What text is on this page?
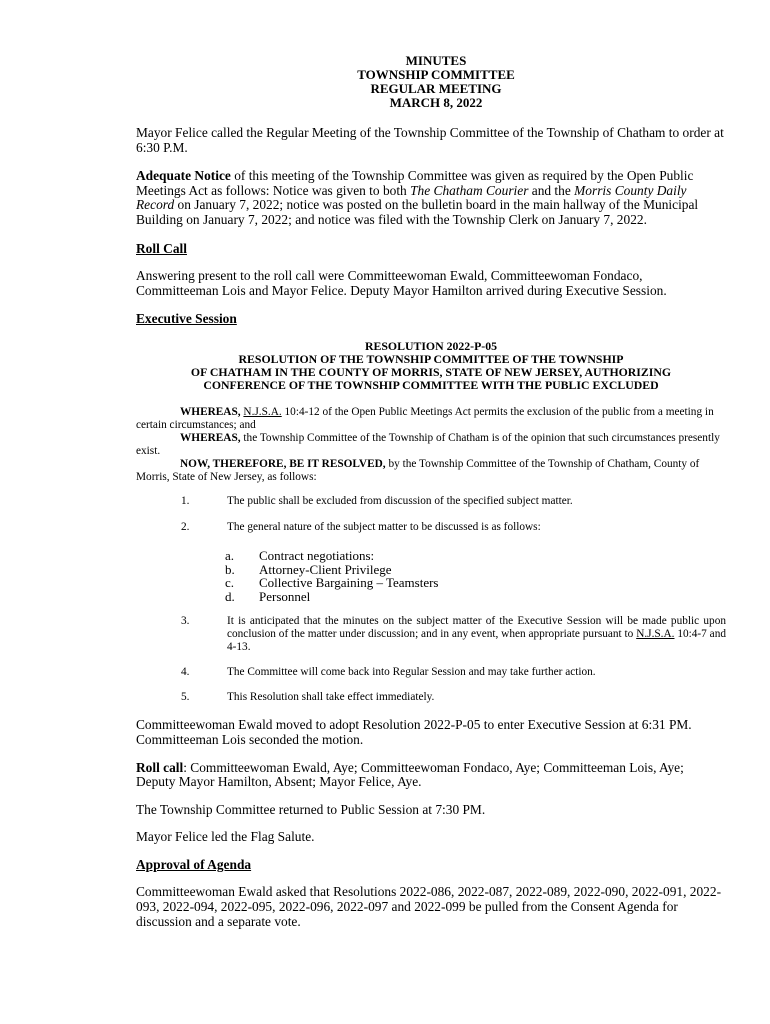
MINUTES
TOWNSHIP COMMITTEE
REGULAR MEETING
MARCH 8, 2022

Mayor Felice called the Regular Meeting of the Township Committee of the Township of Chatham to order at 6:30 P.M.

Adequate Notice of this meeting of the Township Committee was given as required by the Open Public Meetings Act as follows: Notice was given to both The Chatham Courier and the Morris County Daily Record on January 7, 2022; notice was posted on the bulletin board in the main hallway of the Municipal Building on January 7, 2022; and notice was filed with the Township Clerk on January 7, 2022.

Roll Call

Answering present to the roll call were Committeewoman Ewald, Committeewoman Fondaco, Committeeman Lois and Mayor Felice. Deputy Mayor Hamilton arrived during Executive Session.

Executive Session

RESOLUTION 2022-P-05
RESOLUTION OF THE TOWNSHIP COMMITTEE OF THE TOWNSHIP
OF CHATHAM IN THE COUNTY OF MORRIS, STATE OF NEW JERSEY, AUTHORIZING
CONFERENCE OF THE TOWNSHIP COMMITTEE WITH THE PUBLIC EXCLUDED

WHEREAS, N.J.S.A. 10:4-12 of the Open Public Meetings Act permits the exclusion of the public from a meeting in certain circumstances; and

WHEREAS, the Township Committee of the Township of Chatham is of the opinion that such circumstances presently exist.

NOW, THEREFORE, BE IT RESOLVED, by the Township Committee of the Township of Chatham, County of Morris, State of New Jersey, as follows:

1.	The public shall be excluded from discussion of the specified subject matter.
2.	The general nature of the subject matter to be discussed is as follows:
a.	Contract negotiations:
b.	Attorney-Client Privilege
c.	Collective Bargaining – Teamsters
d.	Personnel
3.	It is anticipated that the minutes on the subject matter of the Executive Session will be made public upon conclusion of the matter under discussion; and in any event, when appropriate pursuant to N.J.S.A. 10:4-7 and 4-13.
4.	The Committee will come back into Regular Session and may take further action.
5.	This Resolution shall take effect immediately.

Committeewoman Ewald moved to adopt Resolution 2022-P-05 to enter Executive Session at 6:31 PM. Committeeman Lois seconded the motion.

Roll call: Committeewoman Ewald, Aye; Committeewoman Fondaco, Aye; Committeeman Lois, Aye; Deputy Mayor Hamilton, Absent; Mayor Felice, Aye.

The Township Committee returned to Public Session at 7:30 PM.

Mayor Felice led the Flag Salute.

Approval of Agenda

Committeewoman Ewald asked that Resolutions 2022-086, 2022-087, 2022-089, 2022-090, 2022-091, 2022-093, 2022-094, 2022-095, 2022-096, 2022-097 and 2022-099 be pulled from the Consent Agenda for discussion and a separate vote.
